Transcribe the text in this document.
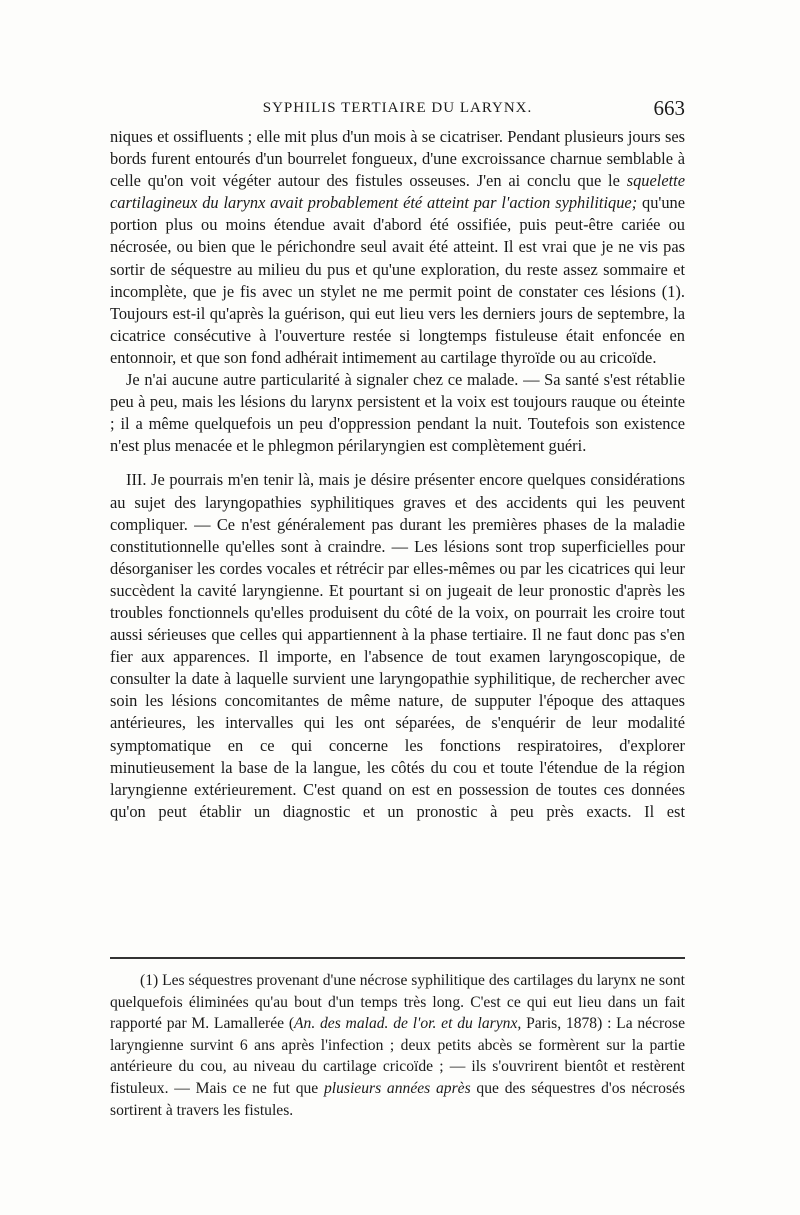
SYPHILIS TERTIAIRE DU LARYNX.	663

niques et ossifluents ; elle mit plus d'un mois à se cicatriser. Pendant plusieurs jours ses bords furent entourés d'un bourrelet fongueux, d'une excroissance charnue semblable à celle qu'on voit végéter autour des fistules osseuses. J'en ai conclu que le squelette cartilagineux du larynx avait probablement été atteint par l'action syphilitique; qu'une portion plus ou moins étendue avait d'abord été ossifiée, puis peut-être cariée ou nécrosée, ou bien que le périchondre seul avait été atteint. Il est vrai que je ne vis pas sortir de séquestre au milieu du pus et qu'une exploration, du reste assez sommaire et incomplète, que je fis avec un stylet ne me permit point de constater ces lésions (1). Toujours est-il qu'après la guérison, qui eut lieu vers les derniers jours de septembre, la cicatrice consécutive à l'ouverture restée si longtemps fistuleuse était enfoncée en entonnoir, et que son fond adhérait intimement au cartilage thyroïde ou au cricoïde.

Je n'ai aucune autre particularité à signaler chez ce malade. — Sa santé s'est rétablie peu à peu, mais les lésions du larynx persistent et la voix est toujours rauque ou éteinte ; il a même quelquefois un peu d'oppression pendant la nuit. Toutefois son existence n'est plus menacée et le phlegmon périlaryngien est complètement guéri.

III. Je pourrais m'en tenir là, mais je désire présenter encore quelques considérations au sujet des laryngopathies syphilitiques graves et des accidents qui les peuvent compliquer. — Ce n'est généralement pas durant les premières phases de la maladie constitutionnelle qu'elles sont à craindre. — Les lésions sont trop superficielles pour désorganiser les cordes vocales et rétrécir par elles-mêmes ou par les cicatrices qui leur succèdent la cavité laryngienne. Et pourtant si on jugeait de leur pronostic d'après les troubles fonctionnels qu'elles produisent du côté de la voix, on pourrait les croire tout aussi sérieuses que celles qui appartiennent à la phase tertiaire. Il ne faut donc pas s'en fier aux apparences. Il importe, en l'absence de tout examen laryngoscopique, de consulter la date à laquelle survient une laryngopathie syphilitique, de rechercher avec soin les lésions concomitantes de même nature, de supputer l'époque des attaques antérieures, les intervalles qui les ont séparées, de s'enquérir de leur modalité symptomatique en ce qui concerne les fonctions respiratoires, d'explorer minutieusement la base de la langue, les côtés du cou et toute l'étendue de la région laryngienne extérieurement. C'est quand on est en possession de toutes ces données qu'on peut établir un diagnostic et un pronostic à peu près exacts. Il est

(1) Les séquestres provenant d'une nécrose syphilitique des cartilages du larynx ne sont quelquefois éliminées qu'au bout d'un temps très long. C'est ce qui eut lieu dans un fait rapporté par M. Lamallerée (An. des malad. de l'or. et du larynx, Paris, 1878) : La nécrose laryngienne survint 6 ans après l'infection ; deux petits abcès se formèrent sur la partie antérieure du cou, au niveau du cartilage cricoïde ; — ils s'ouvrirent bientôt et restèrent fistuleux. — Mais ce ne fut que plusieurs années après que des séquestres d'os nécrosés sortirent à travers les fistules.
